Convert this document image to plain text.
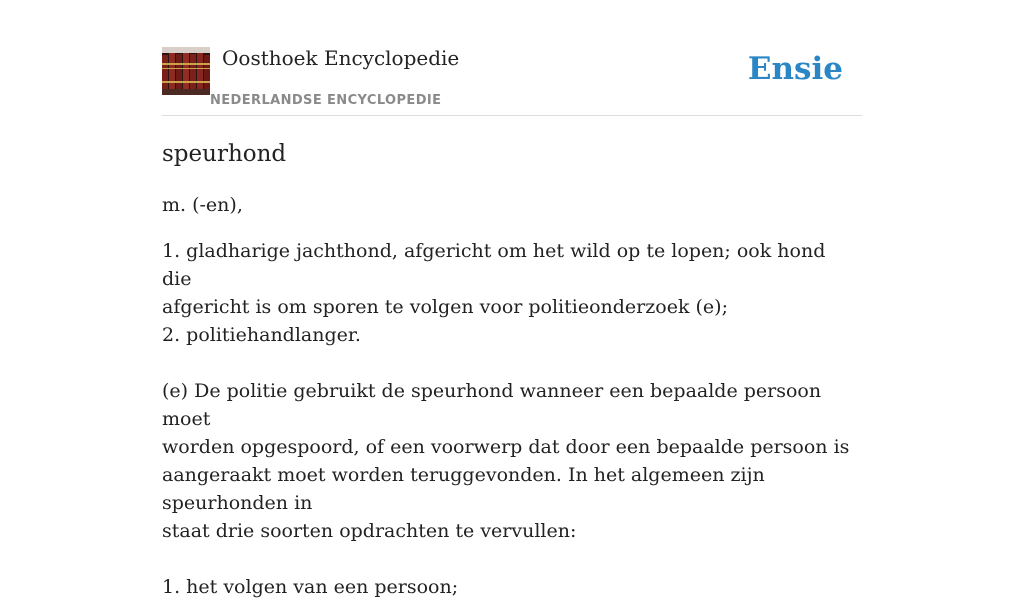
Oosthoek Encyclopedie
NEDERLANDSE ENCYCLOPEDIE
Ensie
speurhond

m. (-en),

1. gladharige jachthond, afgericht om het wild op te lopen; ook hond die
afgericht is om sporen te volgen voor politieonderzoek (e);
2. politiehandlanger.
(e) De politie gebruikt de speurhond wanneer een bepaalde persoon moet
worden opgespoord, of een voorwerp dat door een bepaalde persoon is
aangeraakt moet worden teruggevonden. In het algemeen zijn speurhonden in
staat drie soorten opdrachten te vervullen:
1. het volgen van een persoon;
